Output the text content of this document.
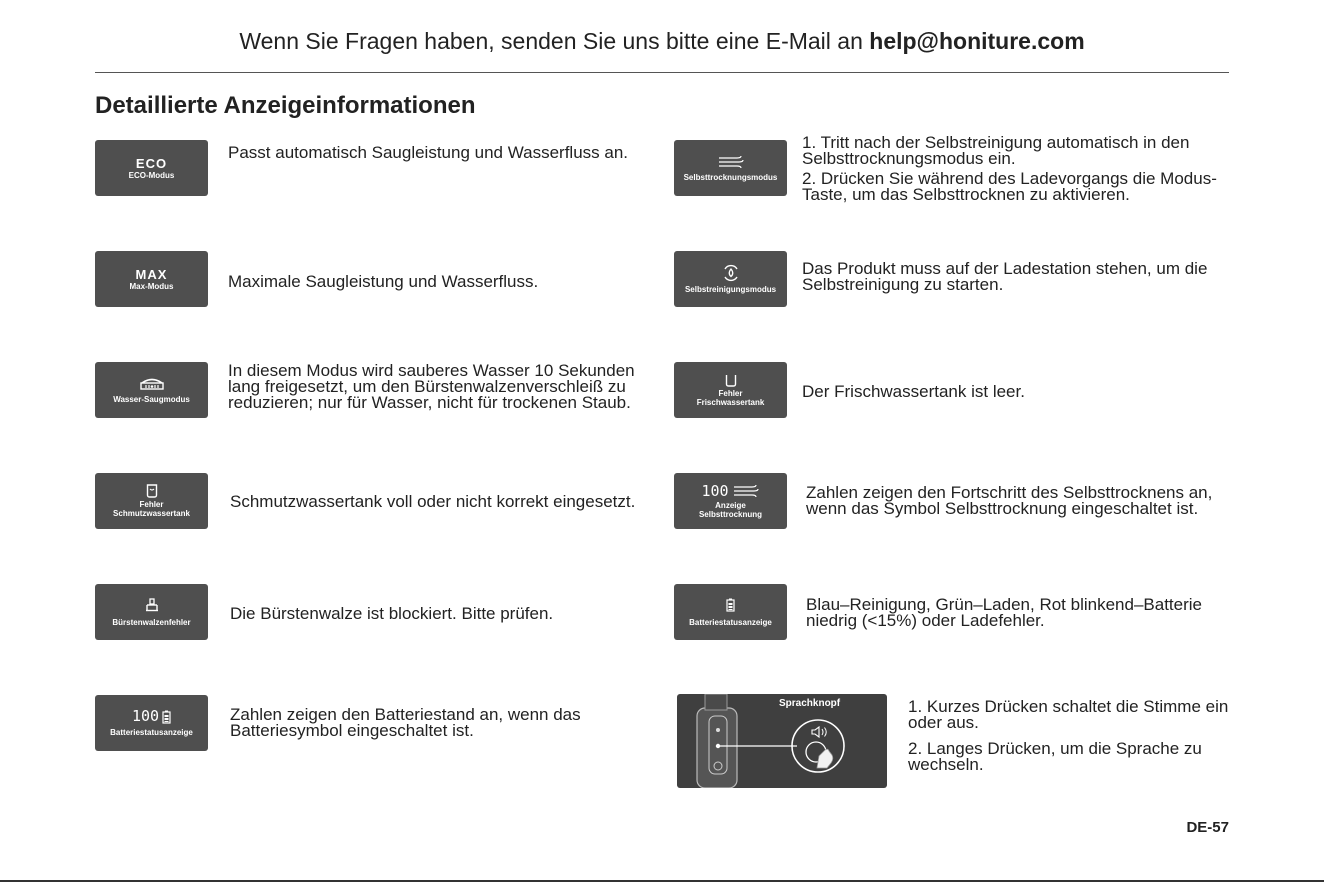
Wenn Sie Fragen haben, senden Sie uns bitte eine E-Mail an help@honiture.com
Detaillierte Anzeigeinformationen
ECO
ECO-Modus
Passt automatisch Saugleistung und Wasserfluss an.
MAX
Max-Modus	Maximale Saugleistung und Wasserfluss.
Wasser-Saugmodus
In diesem Modus wird sauberes Wasser 10 Sekunden lang freigesetzt, um den Bürstenwalzenverschleiß zu reduzieren; nur für Wasser, nicht für trockenen Staub.
Fehler
Schmutzwassertank
Schmutzwassertank voll oder nicht korrekt eingesetzt.
Bürstenwalzenfehler Die Bürstenwalze ist blockiert. Bitte prüfen.
100
Batteriestatusanzeige
Zahlen zeigen den Batteriestand an, wenn das Batteriesymbol eingeschaltet ist.
Selbsttrocknungsmodus

1. Tritt nach der Selbstreinigung automatisch in den Selbsttrocknungsmodus ein.

2. Drücken Sie während des Ladevorgangs die Modus-Taste, um das Selbsttrocknen zu aktivieren.

Selbstreinigungsmodus
Das Produkt muss auf der Ladestation stehen, um die Selbstreinigung zu starten.
Fehler
Frischwassertank
Der Frischwassertank ist leer.
100
Anzeige
Selbsttrocknung
Zahlen zeigen den Fortschritt des Selbsttrocknens an, wenn das Symbol Selbsttrocknung eingeschaltet ist.
Batteriestatusanzeige
Blau–Reinigung, Grün–Laden, Rot blinkend–Batterie niedrig (<15%) oder Ladefehler.
Sprachknopf	1. Kurzes Drücken schaltet die Stimme ein oder aus.

2. Langes Drücken, um die Sprache zu wechseln.

DE-57
